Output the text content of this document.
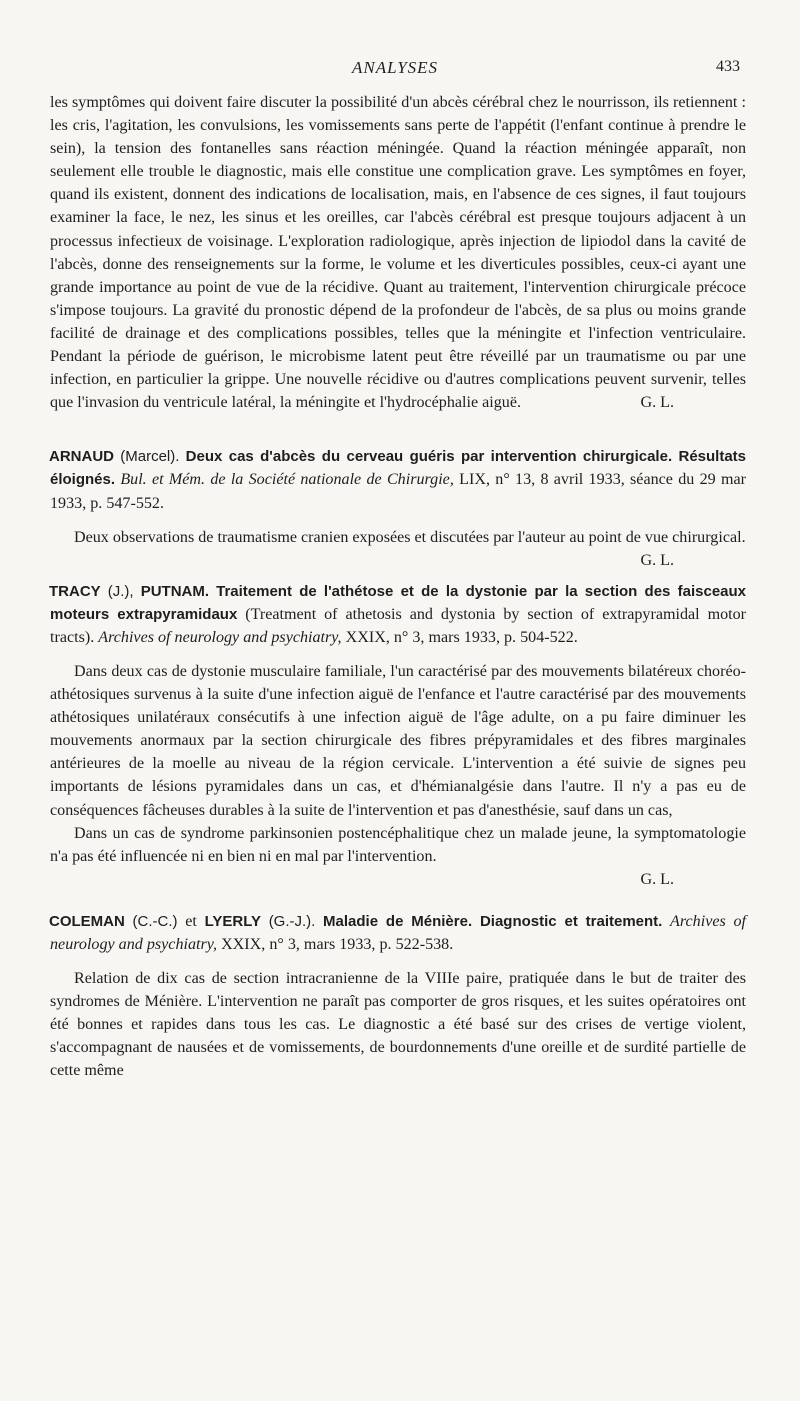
ANALYSES	433

les symptômes qui doivent faire discuter la possibilité d'un abcès cérébral chez le nourrisson, ils retiennent : les cris, l'agitation, les convulsions, les vomissements sans perte de l'appétit (l'enfant continue à prendre le sein), la tension des fontanelles sans réaction méningée. Quand la réaction méningée apparaît, non seulement elle trouble le diagnostic, mais elle constitue une complication grave. Les symptômes en foyer, quand ils existent, donnent des indications de localisation, mais, en l'absence de ces signes, il faut toujours examiner la face, le nez, les sinus et les oreilles, car l'abcès cérébral est presque toujours adjacent à un processus infectieux de voisinage. L'exploration radiologique, après injection de lipiodol dans la cavité de l'abcès, donne des renseignements sur la forme, le volume et les diverticules possibles, ceux-ci ayant une grande importance au point de vue de la récidive. Quant au traitement, l'intervention chirurgicale précoce s'impose toujours. La gravité du pronostic dépend de la profondeur de l'abcès, de sa plus ou moins grande facilité de drainage et des complications possibles, telles que la méningite et l'infection ventriculaire. Pendant la période de guérison, le microbisme latent peut être réveillé par un traumatisme ou par une infection, en particulier la grippe. Une nouvelle récidive ou d'autres complications peuvent survenir, telles que l'invasion du ventricule latéral, la méningite et l'hydrocéphalie aiguë.	G. L.

ARNAUD (Marcel). Deux cas d'abcès du cerveau guéris par intervention chirurgicale. Résultats éloignés. Bul. et Mém. de la Société nationale de Chirurgie, LIX, n° 13, 8 avril 1933, séance du 29 mar 1933, p. 547-552.

Deux observations de traumatisme cranien exposées et discutées par l'auteur au point de vue chirurgical.
G. L.

TRACY (J.), PUTNAM. Traitement de l'athétose et de la dystonie par la section des faisceaux moteurs extrapyramidaux (Treatment of athetosis and dystonia by section of extrapyramidal motor tracts). Archives of neurology and psychiatry, XXIX, n° 3, mars 1933, p. 504-522.

Dans deux cas de dystonie musculaire familiale, l'un caractérisé par des mouvements bilatéreux choréo-athétosiques survenus à la suite d'une infection aiguë de l'enfance et l'autre caractérisé par des mouvements athétosiques unilatéraux consécutifs à une infection aiguë de l'âge adulte, on a pu faire diminuer les mouvements anormaux par la section chirurgicale des fibres prépyramidales et des fibres marginales antérieures de la moelle au niveau de la région cervicale. L'intervention a été suivie de signes peu importants de lésions pyramidales dans un cas, et d'hémianalgésie dans l'autre. Il n'y a pas eu de conséquences fâcheuses durables à la suite de l'intervention et pas d'anesthésie, sauf dans un cas,

Dans un cas de syndrome parkinsonien postencéphalitique chez un malade jeune, la symptomatologie n'a pas été influencée ni en bien ni en mal par l'intervention.

G. L.

COLEMAN (C.-C.) et LYERLY (G.-J.). Maladie de Ménière. Diagnostic et traitement. Archives of neurology and psychiatry, XXIX, n° 3, mars 1933, p. 522-538.

Relation de dix cas de section intracranienne de la VIIIe paire, pratiquée dans le but de traiter des syndromes de Ménière. L'intervention ne paraît pas comporter de gros risques, et les suites opératoires ont été bonnes et rapides dans tous les cas. Le diagnostic a été basé sur des crises de vertige violent, s'accompagnant de nausées et de vomissements, de bourdonnements d'une oreille et de surdité partielle de cette même
